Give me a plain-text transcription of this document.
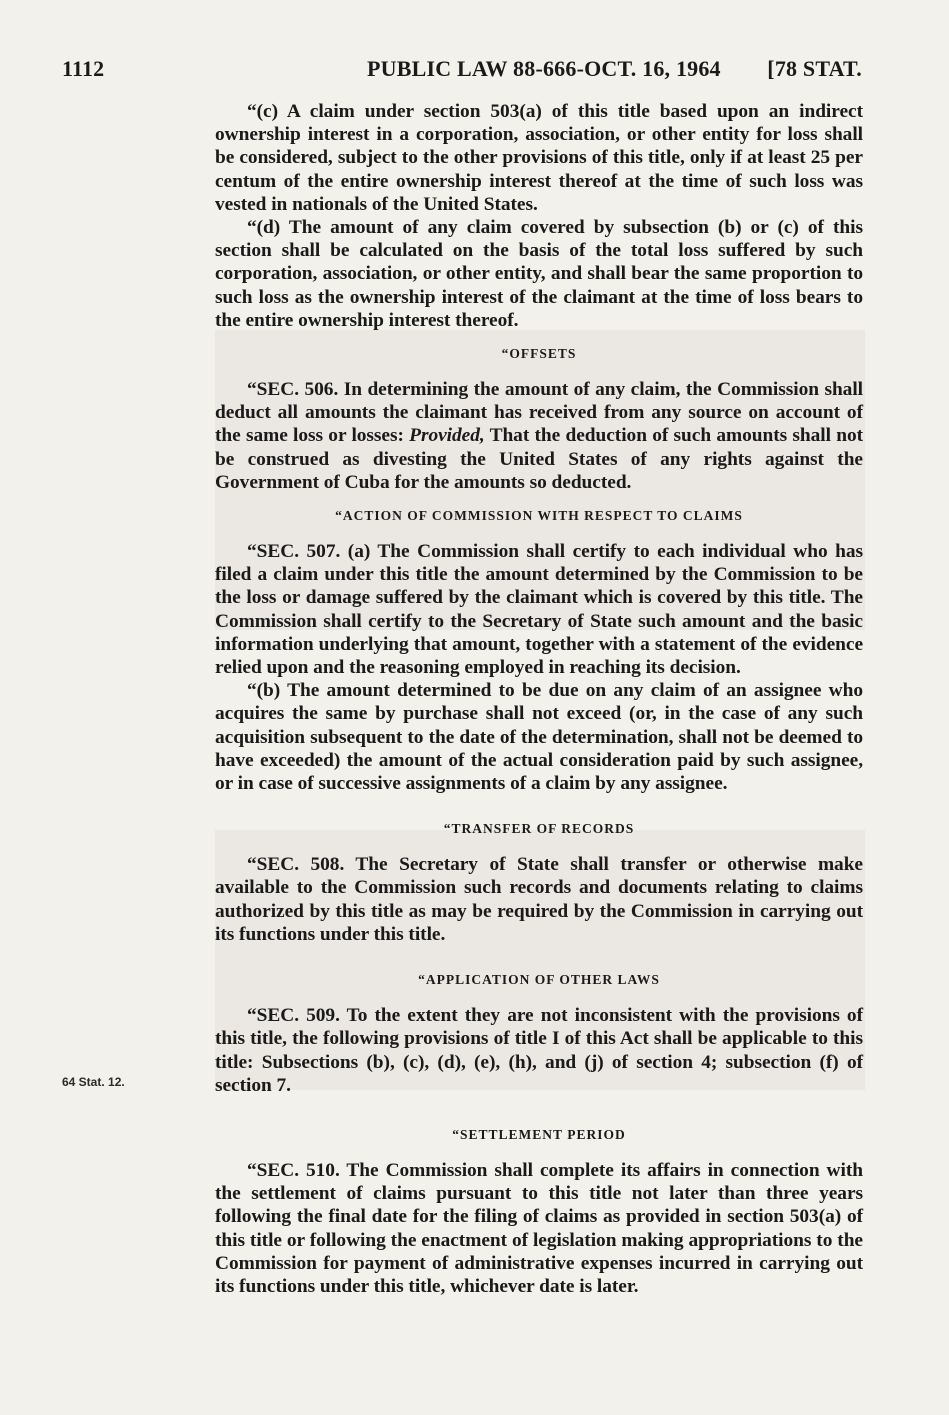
1112	PUBLIC LAW 88-666-OCT. 16, 1964 [78 STAT.
64 Stat. 12.

“(c) A claim under section 503(a) of this title based upon an indirect ownership interest in a corporation, association, or other entity for loss shall be considered, subject to the other provisions of this title, only if at least 25 per centum of the entire ownership interest thereof at the time of such loss was vested in nationals of the United States.

“(d) The amount of any claim covered by subsection (b) or (c) of this section shall be calculated on the basis of the total loss suffered by such corporation, association, or other entity, and shall bear the same proportion to such loss as the ownership interest of the claimant at the time of loss bears to the entire ownership interest thereof.

“OFFSETS

“SEC. 506. In determining the amount of any claim, the Commission shall deduct all amounts the claimant has received from any source on account of the same loss or losses: Provided, That the deduction of such amounts shall not be construed as divesting the United States of any rights against the Government of Cuba for the amounts so deducted.

“ACTION OF COMMISSION WITH RESPECT TO CLAIMS

“SEC. 507. (a) The Commission shall certify to each individual who has filed a claim under this title the amount determined by the Commission to be the loss or damage suffered by the claimant which is covered by this title. The Commission shall certify to the Secretary of State such amount and the basic information underlying that amount, together with a statement of the evidence relied upon and the reasoning employed in reaching its decision.

“(b) The amount determined to be due on any claim of an assignee who acquires the same by purchase shall not exceed (or, in the case of any such acquisition subsequent to the date of the determination, shall not be deemed to have exceeded) the amount of the actual consideration paid by such assignee, or in case of successive assignments of a claim by any assignee.

“TRANSFER OF RECORDS

“SEC. 508. The Secretary of State shall transfer or otherwise make available to the Commission such records and documents relating to claims authorized by this title as may be required by the Commission in carrying out its functions under this title.

“APPLICATION OF OTHER LAWS

“SEC. 509. To the extent they are not inconsistent with the provisions of this title, the following provisions of title I of this Act shall be applicable to this title: Subsections (b), (c), (d), (e), (h), and (j) of section 4; subsection (f) of section 7.

“SETTLEMENT PERIOD

“SEC. 510. The Commission shall complete its affairs in connection with the settlement of claims pursuant to this title not later than three years following the final date for the filing of claims as provided in section 503(a) of this title or following the enactment of legislation making appropriations to the Commission for payment of administrative expenses incurred in carrying out its functions under this title, whichever date is later.
